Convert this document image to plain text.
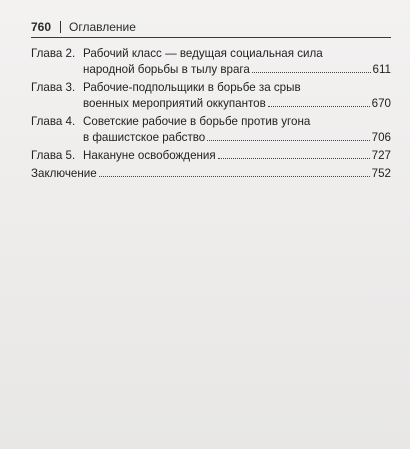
760 Оглавление
Глава 2. Рабочий класс — ведущая социальная сила
народной борьбы в тылу врага	611
Глава 3. Рабочие-подпольщики в борьбе за срыв
военных мероприятий оккупантов	670
Глава 4. Советские рабочие в борьбе против угона
в фашистское рабство	706
Глава 5. Накануне освобождения	727
Заключение	752
